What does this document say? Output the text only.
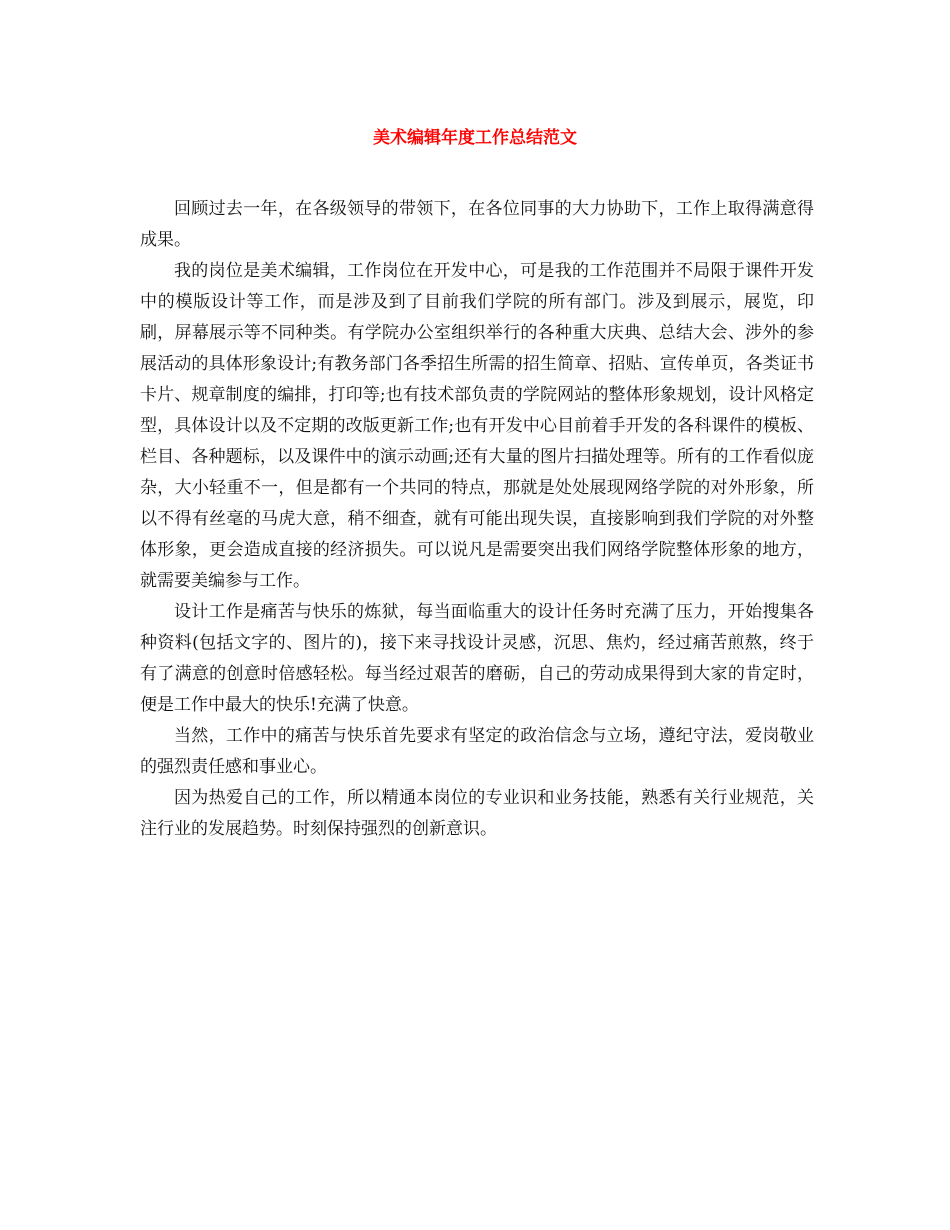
美术编辑年度工作总结范文

回顾过去一年，在各级领导的带领下，在各位同事的大力协助下，工作上取得满意得成果。

我的岗位是美术编辑，工作岗位在开发中心，可是我的工作范围并不局限于课件开发中的模版设计等工作，而是涉及到了目前我们学院的所有部门。涉及到展示，展览，印刷，屏幕展示等不同种类。有学院办公室组织举行的各种重大庆典、总结大会、涉外的参展活动的具体形象设计;有教务部门各季招生所需的招生简章、招贴、宣传单页，各类证书卡片、规章制度的编排，打印等;也有技术部负责的学院网站的整体形象规划，设计风格定型，具体设计以及不定期的改版更新工作;也有开发中心目前着手开发的各科课件的模板、栏目、各种题标，以及课件中的演示动画;还有大量的图片扫描处理等。所有的工作看似庞杂，大小轻重不一，但是都有一个共同的特点，那就是处处展现网络学院的对外形象，所以不得有丝毫的马虎大意，稍不细查，就有可能出现失误，直接影响到我们学院的对外整体形象，更会造成直接的经济损失。可以说凡是需要突出我们网络学院整体形象的地方，就需要美编参与工作。

设计工作是痛苦与快乐的炼狱，每当面临重大的设计任务时充满了压力，开始搜集各种资料(包括文字的、图片的)，接下来寻找设计灵感，沉思、焦灼，经过痛苦煎熬，终于有了满意的创意时倍感轻松。每当经过艰苦的磨砺，自己的劳动成果得到大家的肯定时，便是工作中最大的快乐!充满了快意。

当然，工作中的痛苦与快乐首先要求有坚定的政治信念与立场，遵纪守法，爱岗敬业的强烈责任感和事业心。

因为热爱自己的工作，所以精通本岗位的专业识和业务技能，熟悉有关行业规范，关注行业的发展趋势。时刻保持强烈的创新意识。
